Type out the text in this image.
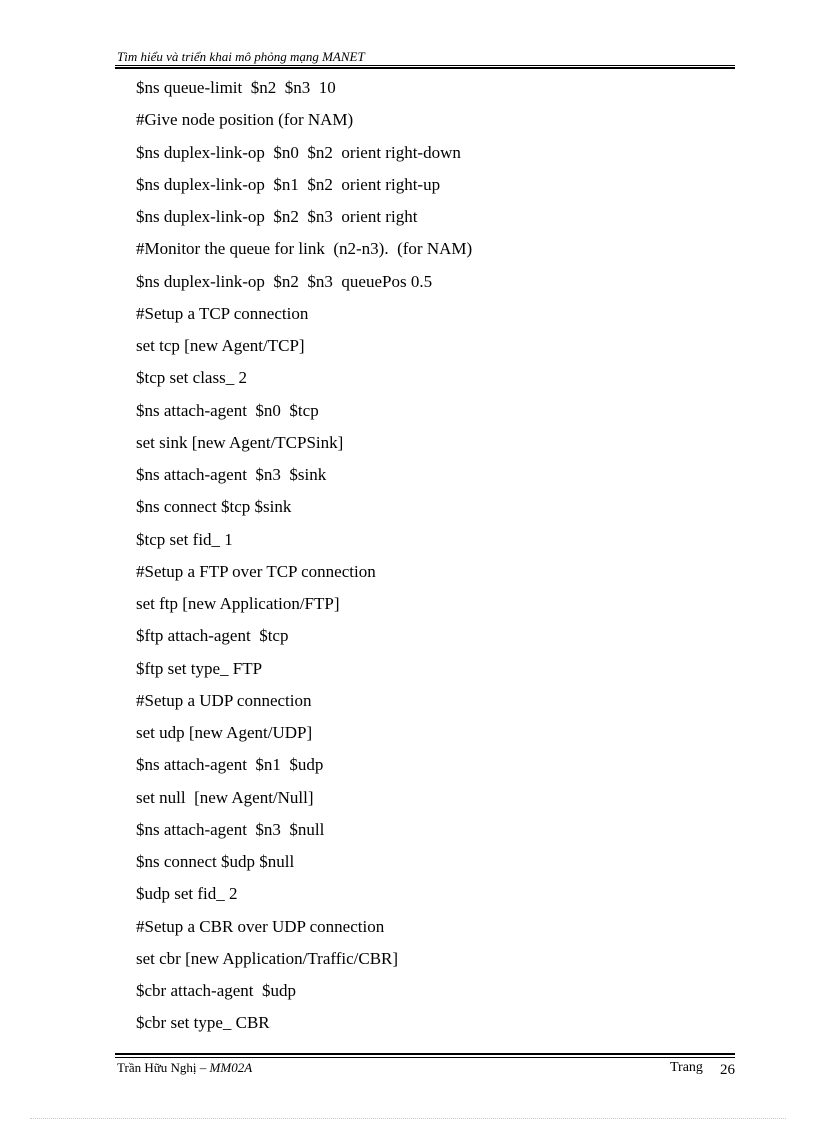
Tìm hiểu và triển khai mô phỏng mạng MANET
$ns queue-limit  $n2  $n3  10
#Give node position (for NAM)
$ns duplex-link-op  $n0  $n2  orient right-down
$ns duplex-link-op  $n1  $n2  orient right-up
$ns duplex-link-op  $n2  $n3  orient right
#Monitor the queue for link  (n2-n3).  (for NAM)
$ns duplex-link-op  $n2  $n3  queuePos 0.5
#Setup a TCP connection
set tcp [new Agent/TCP]
$tcp set class_ 2
$ns attach-agent  $n0  $tcp
set sink [new Agent/TCPSink]
$ns attach-agent  $n3  $sink
$ns connect $tcp $sink
$tcp set fid_ 1
#Setup a FTP over TCP connection
set ftp [new Application/FTP]
$ftp attach-agent  $tcp
$ftp set type_ FTP
#Setup a UDP connection
set udp [new Agent/UDP]
$ns attach-agent  $n1  $udp
set null  [new Agent/Null]
$ns attach-agent  $n3  $null
$ns connect $udp $null
$udp set fid_ 2
#Setup a CBR over UDP connection
set cbr [new Application/Traffic/CBR]
$cbr attach-agent  $udp
$cbr set type_ CBR
Trần Hữu Nghị – MM02A	Trang 26
